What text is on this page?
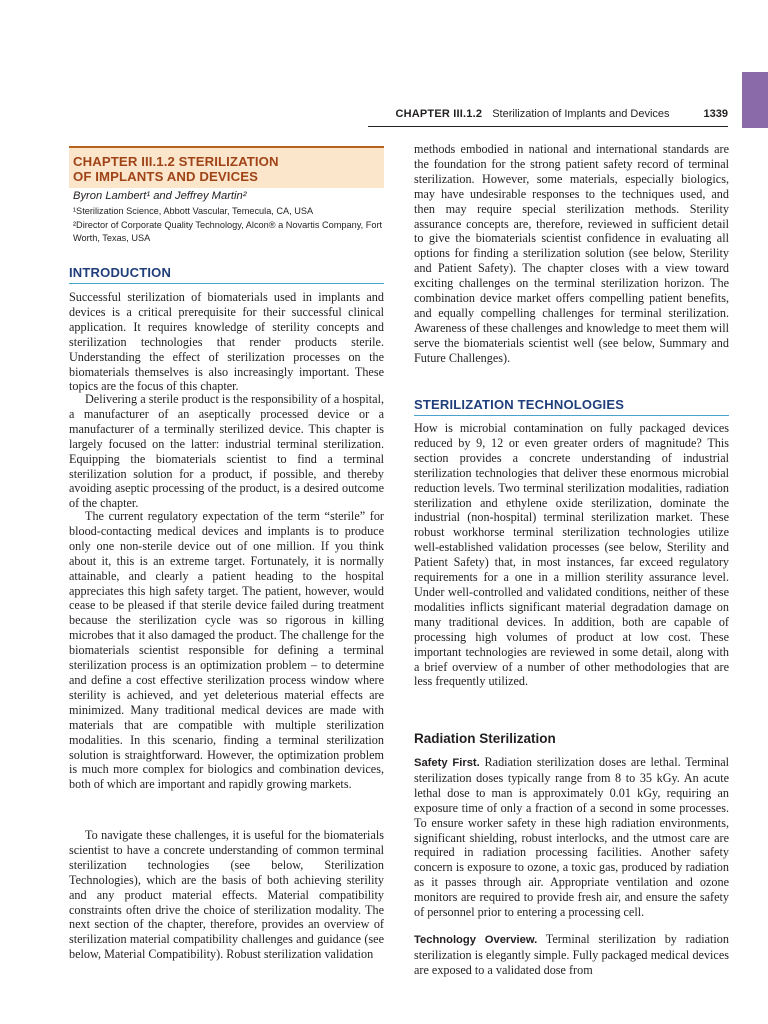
CHAPTER III.1.2 Sterilization of Implants and Devices	1339
CHAPTER III.1.2 STERILIZATION
OF IMPLANTS AND DEVICES
Byron Lambert¹ and Jeffrey Martin²
¹Sterilization Science, Abbott Vascular, Temecula, CA, USA
²Director of Corporate Quality Technology, Alcon® a Novartis Company, Fort Worth, Texas, USA
INTRODUCTION

Successful sterilization of biomaterials used in implants and devices is a critical prerequisite for their successful clinical application. It requires knowledge of sterility concepts and sterilization technologies that render products sterile. Understanding the effect of sterilization processes on the biomaterials themselves is also increasingly important. These topics are the focus of this chapter.

Delivering a sterile product is the responsibility of a hospital, a manufacturer of an aseptically processed device or a manufacturer of a terminally sterilized device. This chapter is largely focused on the latter: industrial terminal sterilization. Equipping the biomaterials scientist to find a terminal sterilization solution for a product, if possible, and thereby avoiding aseptic processing of the product, is a desired outcome of the chapter.

The current regulatory expectation of the term “sterile” for blood-contacting medical devices and implants is to produce only one non-sterile device out of one million. If you think about it, this is an extreme target. Fortunately, it is normally attainable, and clearly a patient heading to the hospital appreciates this high safety target. The patient, however, would cease to be pleased if that sterile device failed during treatment because the sterilization cycle was so rigorous in killing microbes that it also damaged the product. The challenge for the biomaterials scientist responsible for defining a terminal sterilization process is an optimization problem – to determine and define a cost effective sterilization process window where sterility is achieved, and yet deleterious material effects are minimized. Many traditional medical devices are made with materials that are compatible with multiple sterilization modalities. In this scenario, finding a terminal sterilization solution is straightforward. However, the optimization problem is much more complex for biologics and combination devices, both of which are important and rapidly growing markets.

To navigate these challenges, it is useful for the biomaterials scientist to have a concrete understanding of common terminal sterilization technologies (see below, Sterilization Technologies), which are the basis of both achieving sterility and any product material effects. Material compatibility constraints often drive the choice of sterilization modality. The next section of the chapter, therefore, provides an overview of sterilization material compatibility challenges and guidance (see below, Material Compatibility). Robust sterilization validation

methods embodied in national and international standards are the foundation for the strong patient safety record of terminal sterilization. However, some materials, especially biologics, may have undesirable responses to the techniques used, and then may require special sterilization methods. Sterility assurance concepts are, therefore, reviewed in sufficient detail to give the biomaterials scientist confidence in evaluating all options for finding a sterilization solution (see below, Sterility and Patient Safety). The chapter closes with a view toward exciting challenges on the terminal sterilization horizon. The combination device market offers compelling patient benefits, and equally compelling challenges for terminal sterilization. Awareness of these challenges and knowledge to meet them will serve the biomaterials scientist well (see below, Summary and Future Challenges).

STERILIZATION TECHNOLOGIES

How is microbial contamination on fully packaged devices reduced by 9, 12 or even greater orders of magnitude? This section provides a concrete understanding of industrial sterilization technologies that deliver these enormous microbial reduction levels. Two terminal sterilization modalities, radiation sterilization and ethylene oxide sterilization, dominate the industrial (non-hospital) terminal sterilization market. These robust workhorse terminal sterilization technologies utilize well-established validation processes (see below, Sterility and Patient Safety) that, in most instances, far exceed regulatory requirements for a one in a million sterility assurance level. Under well-controlled and validated conditions, neither of these modalities inflicts significant material degradation damage on many traditional devices. In addition, both are capable of processing high volumes of product at low cost. These important technologies are reviewed in some detail, along with a brief overview of a number of other methodologies that are less frequently utilized.

Radiation Sterilization

Safety First. Radiation sterilization doses are lethal. Terminal sterilization doses typically range from 8 to 35 kGy. An acute lethal dose to man is approximately 0.01 kGy, requiring an exposure time of only a fraction of a second in some processes. To ensure worker safety in these high radiation environments, significant shielding, robust interlocks, and the utmost care are required in radiation processing facilities. Another safety concern is exposure to ozone, a toxic gas, produced by radiation as it passes through air. Appropriate ventilation and ozone monitors are required to provide fresh air, and ensure the safety of personnel prior to entering a processing cell.

Technology Overview. Terminal sterilization by radiation sterilization is elegantly simple. Fully packaged medical devices are exposed to a validated dose from
